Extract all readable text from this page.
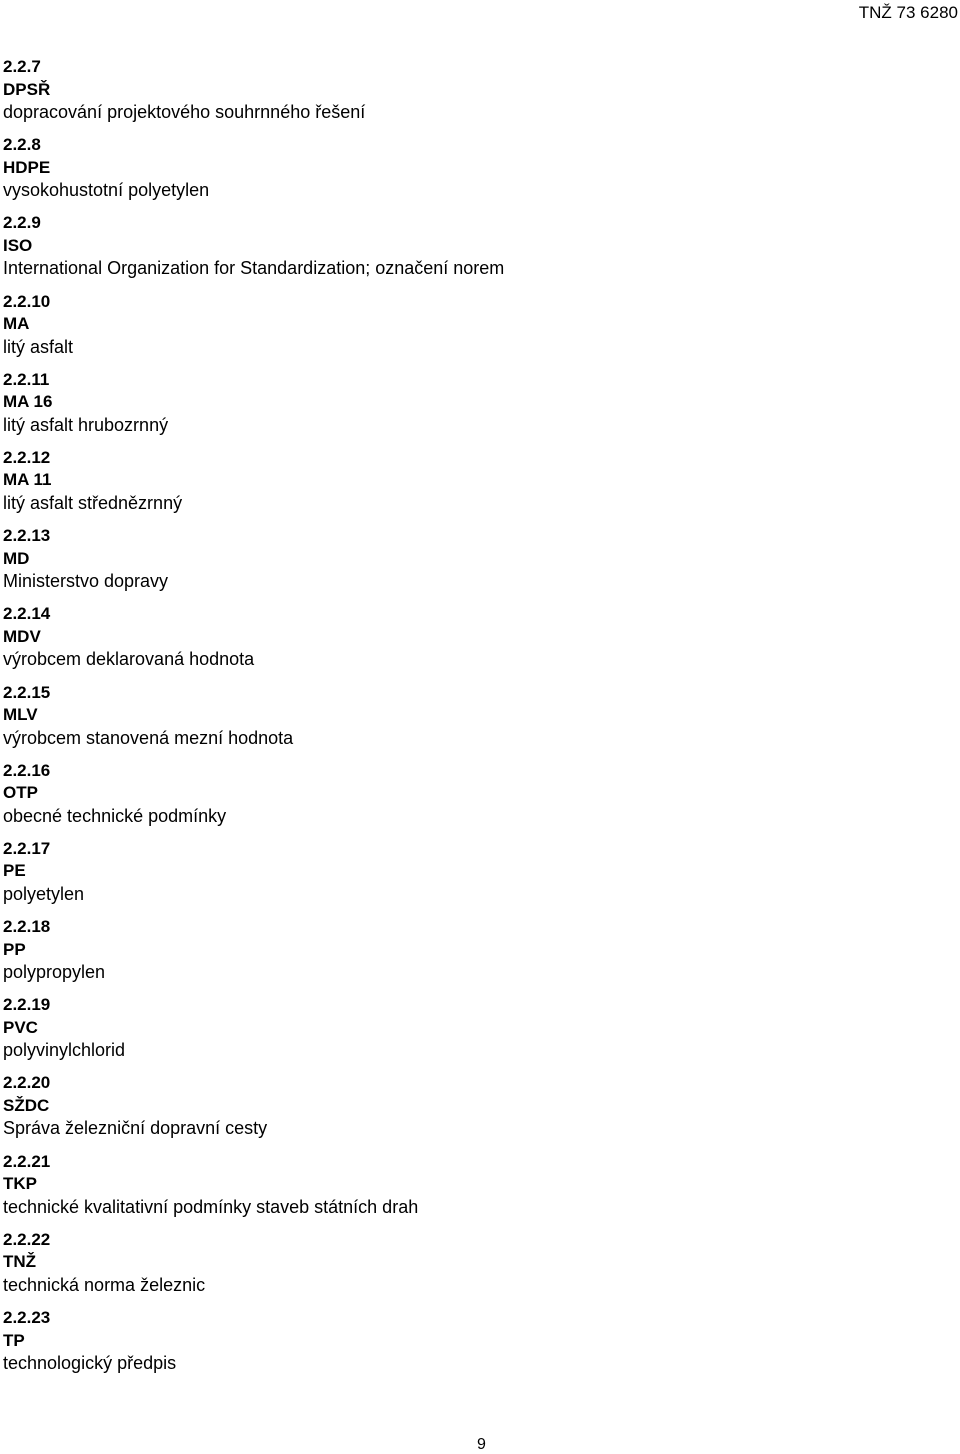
TNŽ 73 6280
2.2.7
DPSŘ
dopracování projektového souhrnného řešení
2.2.8
HDPE
vysokohustotní polyetylen
2.2.9
ISO
International Organization for Standardization; označení norem
2.2.10
MA
litý asfalt
2.2.11
MA 16
litý asfalt hrubozrnný
2.2.12
MA 11
litý asfalt střednězrnný
2.2.13
MD
Ministerstvo dopravy
2.2.14
MDV
výrobcem deklarovaná hodnota
2.2.15
MLV
výrobcem stanovená mezní hodnota
2.2.16
OTP
obecné technické podmínky
2.2.17
PE
polyetylen
2.2.18
PP
polypropylen
2.2.19
PVC
polyvinylchlorid
2.2.20
SŽDC
Správa železniční dopravní cesty
2.2.21
TKP
technické kvalitativní podmínky staveb státních drah
2.2.22
TNŽ
technická norma železnic
2.2.23
TP
technologický předpis
9
